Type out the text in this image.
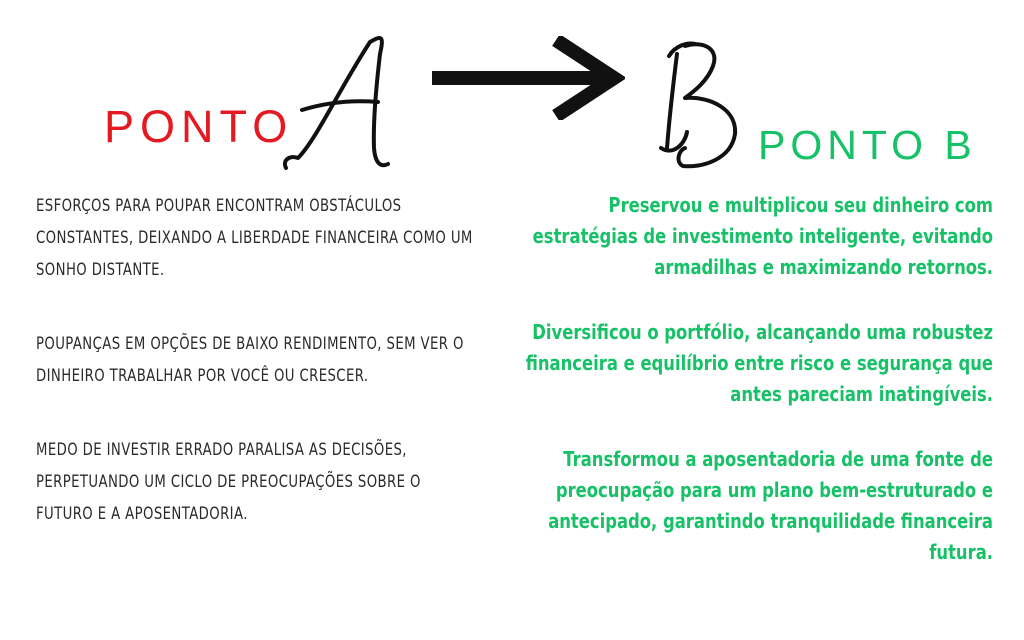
PONTO	PONTO B

ESFORÇOS PARA POUPAR ENCONTRAM OBSTÁCULOS CONSTANTES, DEIXANDO A LIBERDADE FINANCEIRA COMO UM SONHO DISTANTE.

POUPANÇAS EM OPÇÕES DE BAIXO RENDIMENTO, SEM VER O DINHEIRO TRABALHAR POR VOCÊ OU CRESCER.

MEDO DE INVESTIR ERRADO PARALISA AS DECISÕES, PERPETUANDO UM CICLO DE PREOCUPAÇÕES SOBRE O FUTURO E A APOSENTADORIA.

Preservou e multiplicou seu dinheiro com estratégias de investimento inteligente, evitando armadilhas e maximizando retornos.

Diversificou o portfólio, alcançando uma robustez financeira e equilíbrio entre risco e segurança que antes pareciam inatingíveis.

Transformou a aposentadoria de uma fonte de preocupação para um plano bem-estruturado e antecipado, garantindo tranquilidade financeira futura.
